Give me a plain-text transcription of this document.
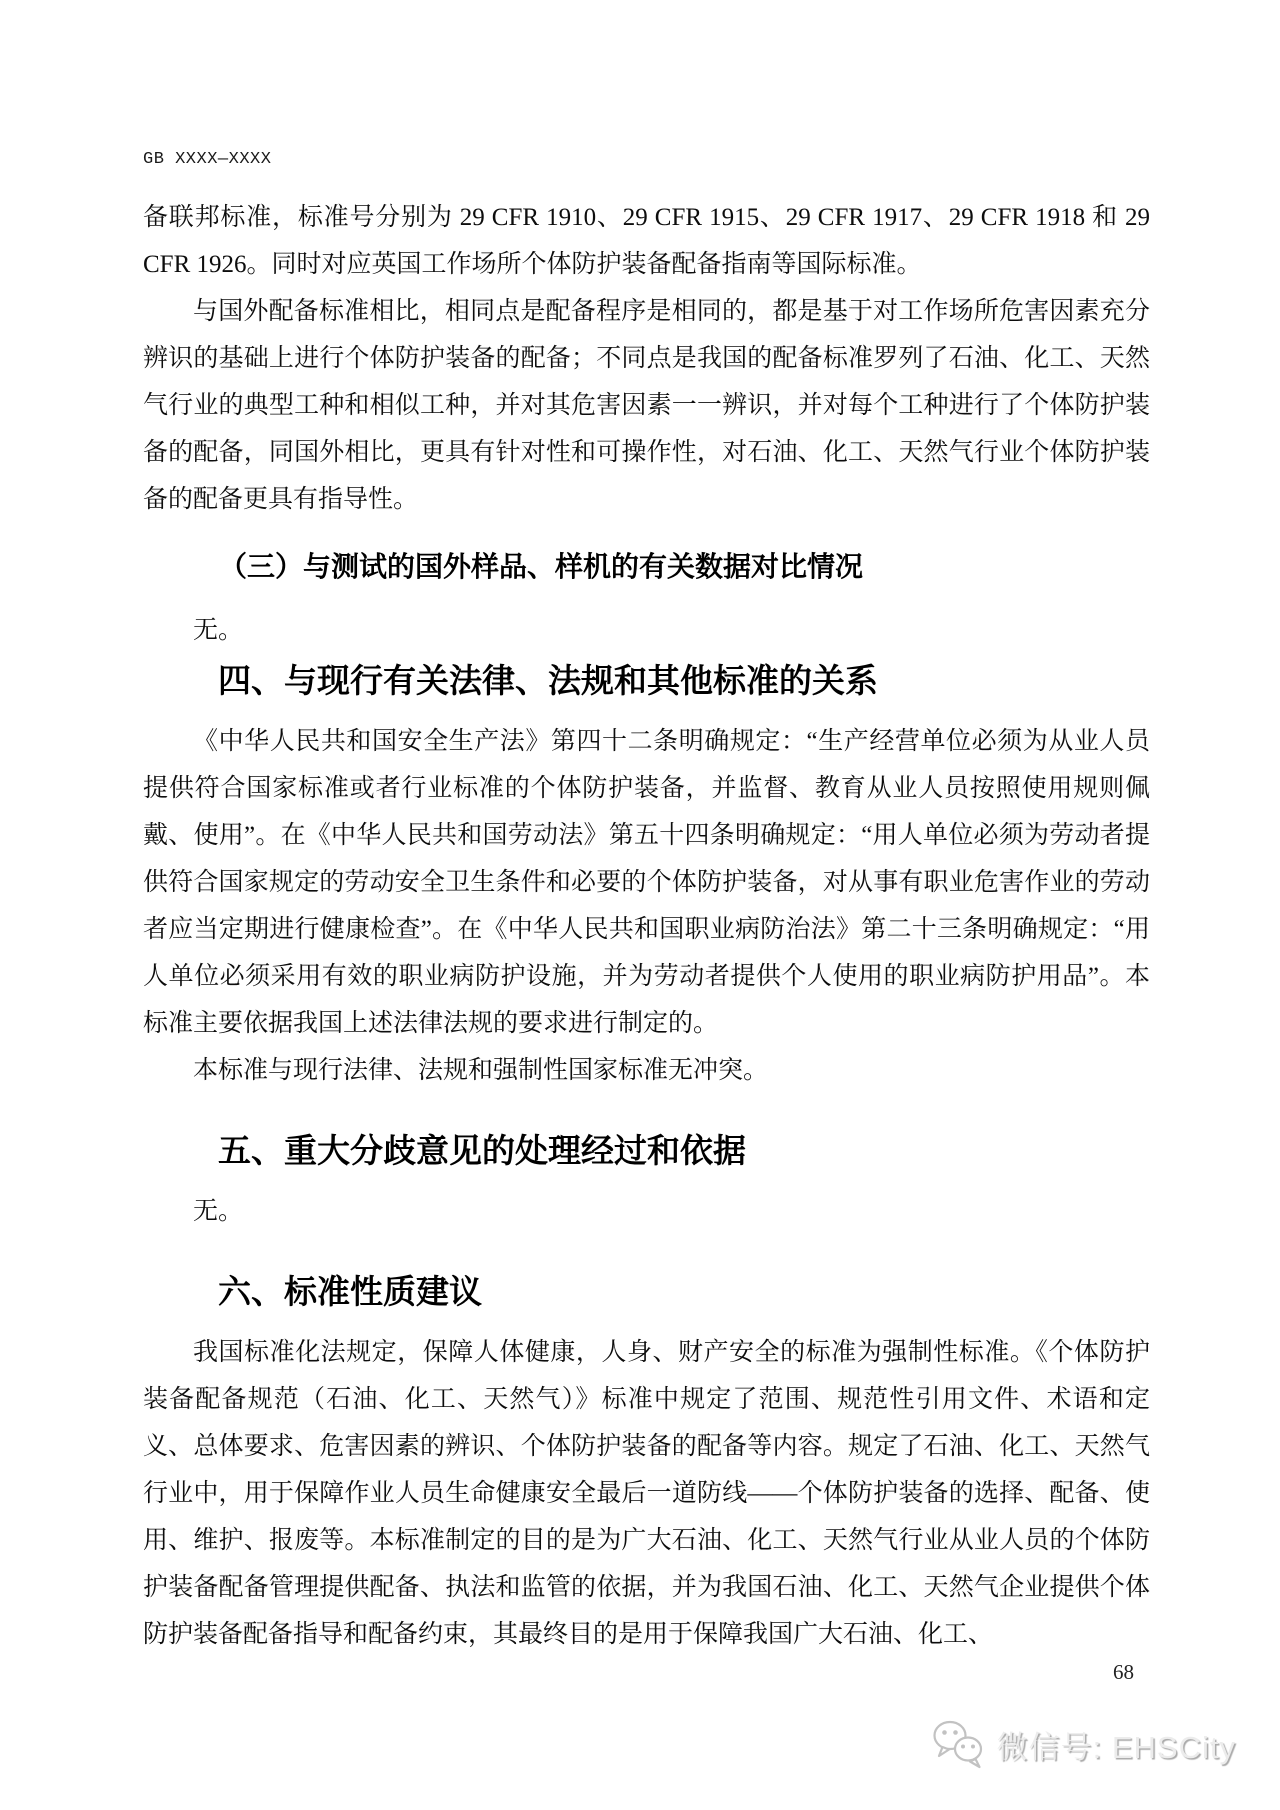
GB XXXX—XXXX

备联邦标准，标准号分别为 29 CFR 1910、29 CFR 1915、29 CFR 1917、29 CFR 1918 和 29 CFR 1926。同时对应英国工作场所个体防护装备配备指南等国际标准。

与国外配备标准相比，相同点是配备程序是相同的，都是基于对工作场所危害因素充分辨识的基础上进行个体防护装备的配备；不同点是我国的配备标准罗列了石油、化工、天然气行业的典型工种和相似工种，并对其危害因素一一辨识，并对每个工种进行了个体防护装备的配备，同国外相比，更具有针对性和可操作性，对石油、化工、天然气行业个体防护装备的配备更具有指导性。

（三）与测试的国外样品、样机的有关数据对比情况

无。

四、与现行有关法律、法规和其他标准的关系

《中华人民共和国安全生产法》第四十二条明确规定：“生产经营单位必须为从业人员提供符合国家标准或者行业标准的个体防护装备，并监督、教育从业人员按照使用规则佩戴、使用”。在《中华人民共和国劳动法》第五十四条明确规定：“用人单位必须为劳动者提供符合国家规定的劳动安全卫生条件和必要的个体防护装备，对从事有职业危害作业的劳动者应当定期进行健康检查”。在《中华人民共和国职业病防治法》第二十三条明确规定：“用人单位必须采用有效的职业病防护设施，并为劳动者提供个人使用的职业病防护用品”。本标准主要依据我国上述法律法规的要求进行制定的。

本标准与现行法律、法规和强制性国家标准无冲突。

五、重大分歧意见的处理经过和依据

无。

六、标准性质建议

我国标准化法规定，保障人体健康，人身、财产安全的标准为强制性标准。《个体防护装备配备规范（石油、化工、天然气）》标准中规定了范围、规范性引用文件、术语和定义、总体要求、危害因素的辨识、个体防护装备的配备等内容。规定了石油、化工、天然气行业中，用于保障作业人员生命健康安全最后一道防线——个体防护装备的选择、配备、使用、维护、报废等。本标准制定的目的是为广大石油、化工、天然气行业从业人员的个体防护装备配备管理提供配备、执法和监管的依据，并为我国石油、化工、天然气企业提供个体防护装备配备指导和配备约束，其最终目的是用于保障我国广大石油、化工、

68
微信号: EHSCity
